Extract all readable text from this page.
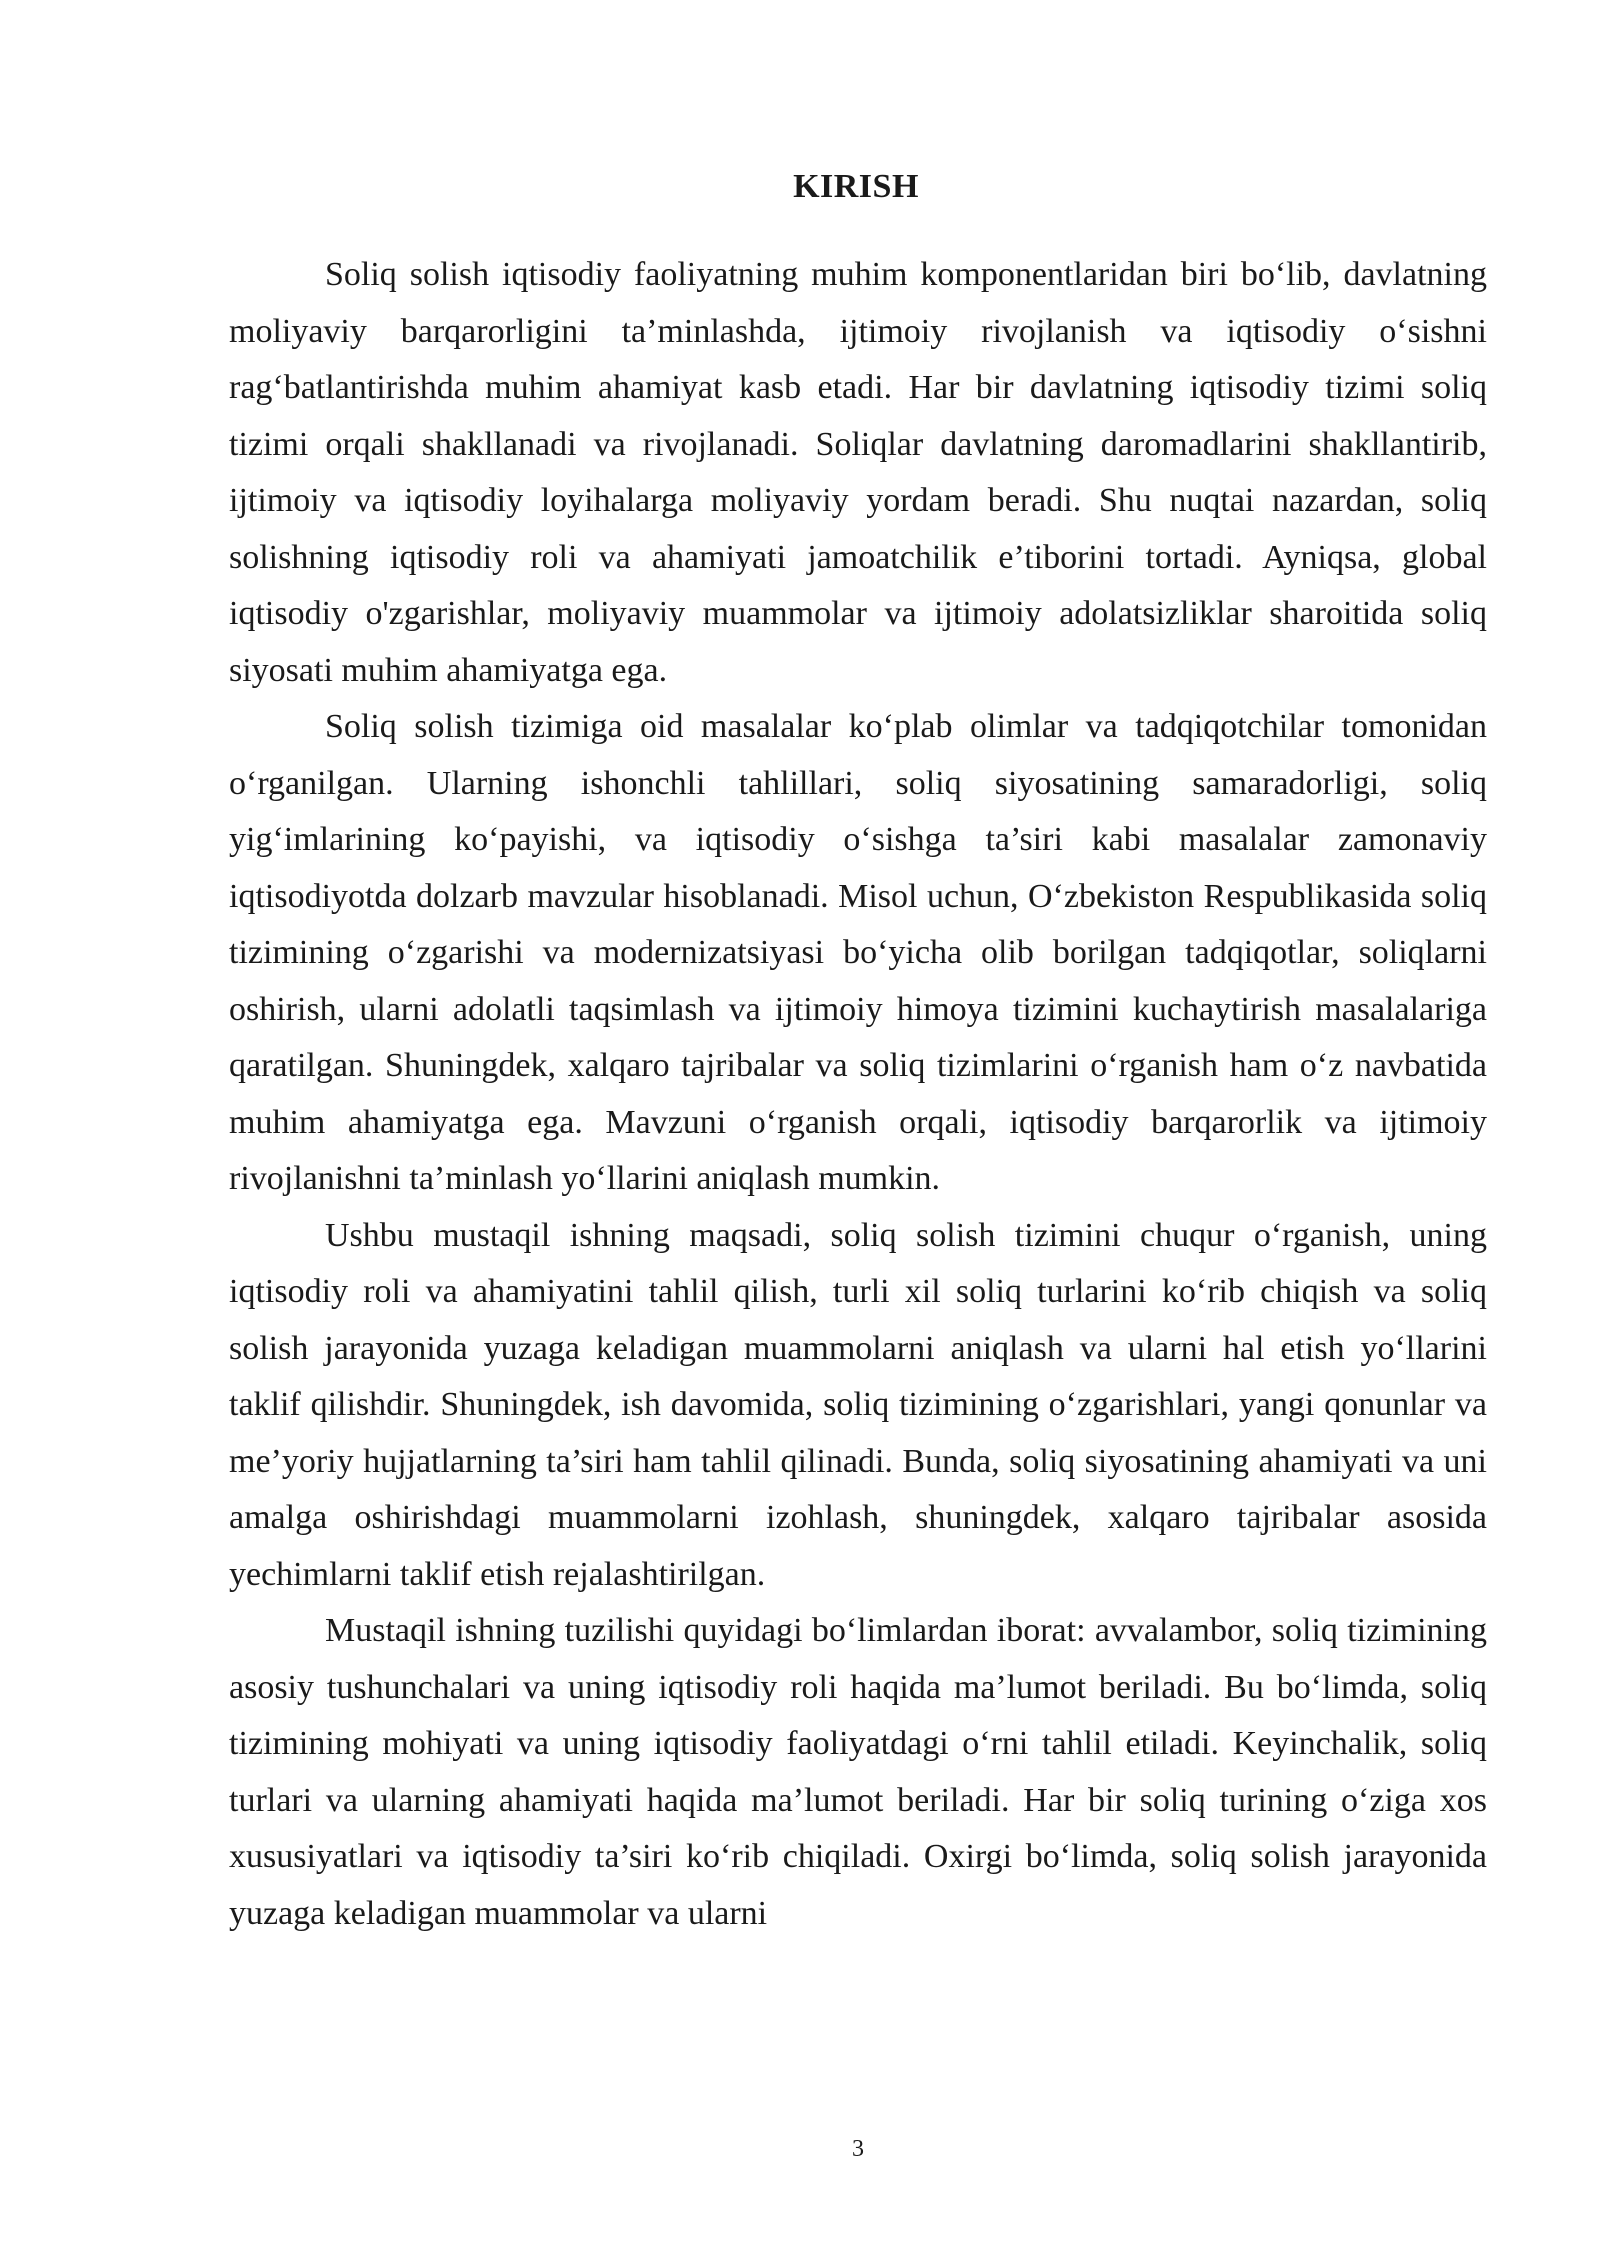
KIRISH

Soliq solish iqtisodiy faoliyatning muhim komponentlaridan biri bo‘lib, davlatning moliyaviy barqarorligini ta’minlashda, ijtimoiy rivojlanish va iqtisodiy o‘sishni rag‘batlantirishda muhim ahamiyat kasb etadi. Har bir davlatning iqtisodiy tizimi soliq tizimi orqali shakllanadi va rivojlanadi. Soliqlar davlatning daromadlarini shakllantirib, ijtimoiy va iqtisodiy loyihalarga moliyaviy yordam beradi. Shu nuqtai nazardan, soliq solishning iqtisodiy roli va ahamiyati jamoatchilik e’tiborini tortadi. Ayniqsa, global iqtisodiy o'zgarishlar, moliyaviy muammolar va ijtimoiy adolatsizliklar sharoitida soliq siyosati muhim ahamiyatga ega.

Soliq solish tizimiga oid masalalar ko‘plab olimlar va tadqiqotchilar tomonidan o‘rganilgan. Ularning ishonchli tahlillari, soliq siyosatining samaradorligi, soliq yig‘imlarining ko‘payishi, va iqtisodiy o‘sishga ta’siri kabi masalalar zamonaviy iqtisodiyotda dolzarb mavzular hisoblanadi. Misol uchun, O‘zbekiston Respublikasida soliq tizimining o‘zgarishi va modernizatsiyasi bo‘yicha olib borilgan tadqiqotlar, soliqlarni oshirish, ularni adolatli taqsimlash va ijtimoiy himoya tizimini kuchaytirish masalalariga qaratilgan. Shuningdek, xalqaro tajribalar va soliq tizimlarini o‘rganish ham o‘z navbatida muhim ahamiyatga ega. Mavzuni o‘rganish orqali, iqtisodiy barqarorlik va ijtimoiy rivojlanishni ta’minlash yo‘llarini aniqlash mumkin.

Ushbu mustaqil ishning maqsadi, soliq solish tizimini chuqur o‘rganish, uning iqtisodiy roli va ahamiyatini tahlil qilish, turli xil soliq turlarini ko‘rib chiqish va soliq solish jarayonida yuzaga keladigan muammolarni aniqlash va ularni hal etish yo‘llarini taklif qilishdir. Shuningdek, ish davomida, soliq tizimining o‘zgarishlari, yangi qonunlar va me’yoriy hujjatlarning ta’siri ham tahlil qilinadi. Bunda, soliq siyosatining ahamiyati va uni amalga oshirishdagi muammolarni izohlash, shuningdek, xalqaro tajribalar asosida yechimlarni taklif etish rejalashtirilgan.

Mustaqil ishning tuzilishi quyidagi bo‘limlardan iborat: avvalambor, soliq tizimining asosiy tushunchalari va uning iqtisodiy roli haqida ma’lumot beriladi. Bu bo‘limda, soliq tizimining mohiyati va uning iqtisodiy faoliyatdagi o‘rni tahlil etiladi. Keyinchalik, soliq turlari va ularning ahamiyati haqida ma’lumot beriladi. Har bir soliq turining o‘ziga xos xususiyatlari va iqtisodiy ta’siri ko‘rib chiqiladi. Oxirgi bo‘limda, soliq solish jarayonida yuzaga keladigan muammolar va ularni

3
